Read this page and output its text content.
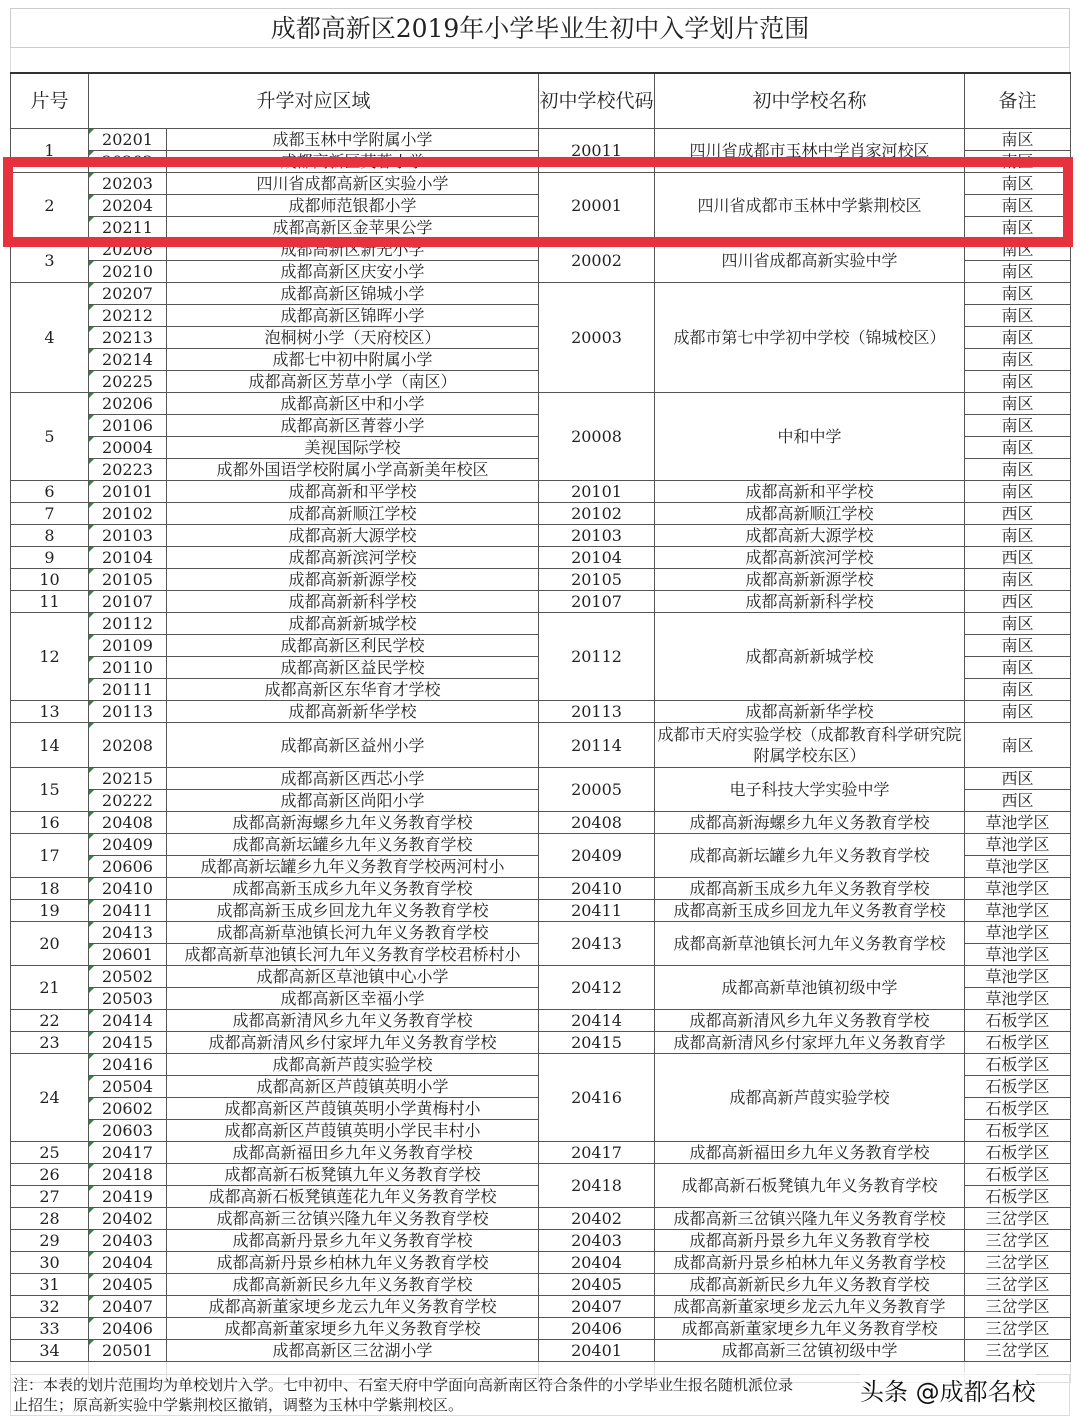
成都高新区2019年小学毕业生初中入学划片范围
片号	升学对应区域		初中学校代码	初中学校名称	备注
1	20201	成都玉林中学附属小学	20011	四川省成都市玉林中学肖家河校区	南区
	20202	成都高新区芙蓉小学			南区
2	20203	四川省成都高新区实验小学	20001	四川省成都市玉林中学紫荆校区	南区
	20204	成都师范银都小学			南区
	20211	成都高新区金苹果公学			南区
3	20208	成都高新区新光小学	20002	四川省成都高新实验中学	南区
	20210	成都高新区庆安小学			南区
4	20207	成都高新区锦城小学	20003	成都市第七中学初中学校（锦城校区）	南区
	20212	成都高新区锦晖小学			南区
	20213	泡桐树小学（天府校区）			南区
	20214	成都七中初中附属小学			南区
	20225	成都高新区芳草小学（南区）			南区
5	20206	成都高新区中和小学	20008	中和中学	南区
	20106	成都高新区菁蓉小学			南区
	20004	美视国际学校			南区
	20223	成都外国语学校附属小学高新美年校区			南区
6	20101	成都高新和平学校	20101	成都高新和平学校	南区
7	20102	成都高新顺江学校	20102	成都高新顺江学校	西区
8	20103	成都高新大源学校	20103	成都高新大源学校	南区
9	20104	成都高新滨河学校	20104	成都高新滨河学校	西区
10	20105	成都高新新源学校	20105	成都高新新源学校	南区
11	20107	成都高新新科学校	20107	成都高新新科学校	西区
12	20112	成都高新新城学校	20112	成都高新新城学校	南区
	20109	成都高新区利民学校			南区
	20110	成都高新区益民学校			南区
	20111	成都高新区东华育才学校			南区
13	20113	成都高新新华学校	20113	成都高新新华学校	南区
14	20208	成都高新区益州小学	20114	成都市天府实验学校（成都教育科学研究院附属学校东区）	南区
15	20215	成都高新区西芯小学	20005	电子科技大学实验中学	西区
	20222	成都高新区尚阳小学			西区
16	20408	成都高新海螺乡九年义务教育学校	20408	成都高新海螺乡九年义务教育学校	草池学区
17	20409	成都高新坛罐乡九年义务教育学校	20409	成都高新坛罐乡九年义务教育学校	草池学区
	20606	成都高新坛罐乡九年义务教育学校两河村小			草池学区
18	20410	成都高新玉成乡九年义务教育学校	20410	成都高新玉成乡九年义务教育学校	草池学区
19	20411	成都高新玉成乡回龙九年义务教育学校	20411	成都高新玉成乡回龙九年义务教育学校	草池学区
20	20413	成都高新草池镇长河九年义务教育学校	20413	成都高新草池镇长河九年义务教育学校	草池学区
	20601	成都高新草池镇长河九年义务教育学校君桥村小			草池学区
21	20502	成都高新区草池镇中心小学	20412	成都高新草池镇初级中学	草池学区
	20503	成都高新区幸福小学			草池学区
22	20414	成都高新清风乡九年义务教育学校	20414	成都高新清风乡九年义务教育学校	石板学区
23	20415	成都高新清风乡付家坪九年义务教育学校	20415	成都高新清风乡付家坪九年义务教育学	石板学区
24	20416	成都高新芦葭实验学校	20416	成都高新芦葭实验学校	石板学区
	20504	成都高新区芦葭镇英明小学			石板学区
	20602	成都高新区芦葭镇英明小学黄梅村小			石板学区
	20603	成都高新区芦葭镇英明小学民丰村小			石板学区
25	20417	成都高新福田乡九年义务教育学校	20417	成都高新福田乡九年义务教育学校	石板学区
26	20418	成都高新石板凳镇九年义务教育学校	20418	成都高新石板凳镇九年义务教育学校	石板学区
27	20419	成都高新石板凳镇莲花九年义务教育学校			石板学区
28	20402	成都高新三岔镇兴隆九年义务教育学校	20402	成都高新三岔镇兴隆九年义务教育学校	三岔学区
29	20403	成都高新丹景乡九年义务教育学校	20403	成都高新丹景乡九年义务教育学校	三岔学区
30	20404	成都高新丹景乡柏林九年义务教育学校	20404	成都高新丹景乡柏林九年义务教育学校	三岔学区
31	20405	成都高新新民乡九年义务教育学校	20405	成都高新新民乡九年义务教育学校	三岔学区
32	20407	成都高新董家埂乡龙云九年义务教育学校	20407	成都高新董家埂乡龙云九年义务教育学	三岔学区
33	20406	成都高新董家埂乡九年义务教育学校	20406	成都高新董家埂乡九年义务教育学校	三岔学区
34	20501	成都高新区三岔湖小学	20401	成都高新三岔镇初级中学	三岔学区

注：本表的划片范围均为单校划片入学。七中初中、石室天府中学面向高新南区符合条件的小学毕业生报名随机派位录
止招生；原高新实验中学紫荆校区撤销，调整为玉林中学紫荆校区。	头条 @成都名校
